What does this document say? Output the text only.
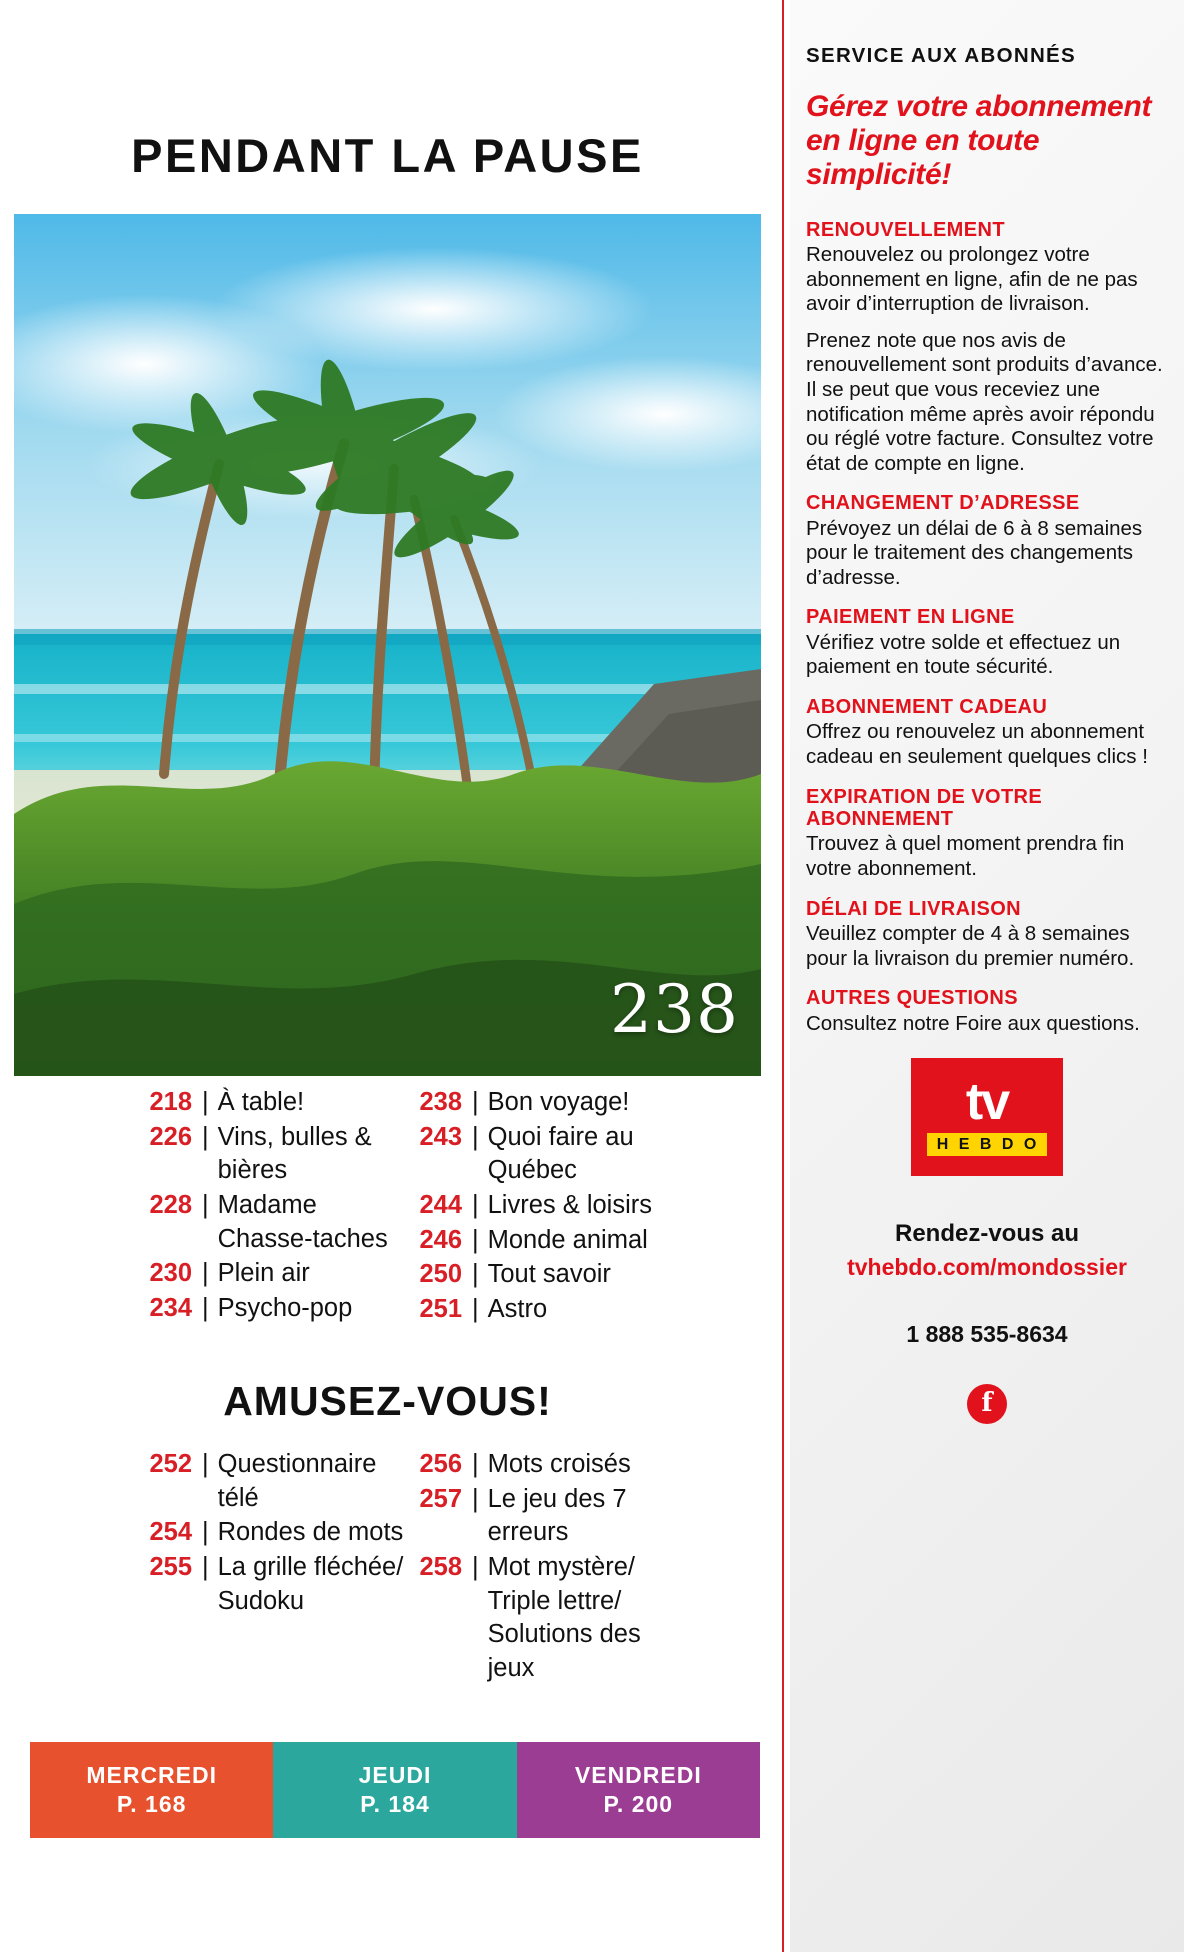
PENDANT LA PAUSE
238
218 | À table!
226 | Vins, bulles & bières
228 | Madame Chasse-taches
230 | Plein air
234 | Psycho-pop
238 | Bon voyage!
243 | Quoi faire au Québec
244 | Livres & loisirs
246 | Monde animal
250 | Tout savoir
251 | Astro
AMUSEZ-VOUS!
252 | Questionnaire télé
254 | Rondes de mots
255 | La grille fléchée/ Sudoku
256 | Mots croisés
257 | Le jeu des 7 erreurs
258 | Mot mystère/ Triple lettre/ Solutions des jeux
MERCREDI
P. 168
JEUDI
P. 184
VENDREDI
P. 200
SERVICE AUX ABONNÉS
Gérez votre abonnement en ligne en toute simplicité!
RENOUVELLEMENT

Renouvelez ou prolongez votre abonnement en ligne, afin de ne pas avoir d’interruption de livraison.

Prenez note que nos avis de renouvellement sont produits d’avance. Il se peut que vous receviez une notification même après avoir répondu ou réglé votre facture. Consultez votre état de compte en ligne.

CHANGEMENT D’ADRESSE

Prévoyez un délai de 6 à 8 semaines pour le traitement des changements d’adresse.

PAIEMENT EN LIGNE

Vérifiez votre solde et effectuez un paiement en toute sécurité.

ABONNEMENT CADEAU

Offrez ou renouvelez un abonnement cadeau en seulement quelques clics !

EXPIRATION DE VOTRE ABONNEMENT

Trouvez à quel moment prendra fin votre abonnement.

DÉLAI DE LIVRAISON

Veuillez compter de 4 à 8 semaines pour la livraison du premier numéro.

AUTRES QUESTIONS

Consultez notre Foire aux questions.

tv
H E B D O
Rendez-vous au
tvhebdo.com/mondossier
1 888 535-8634
f
